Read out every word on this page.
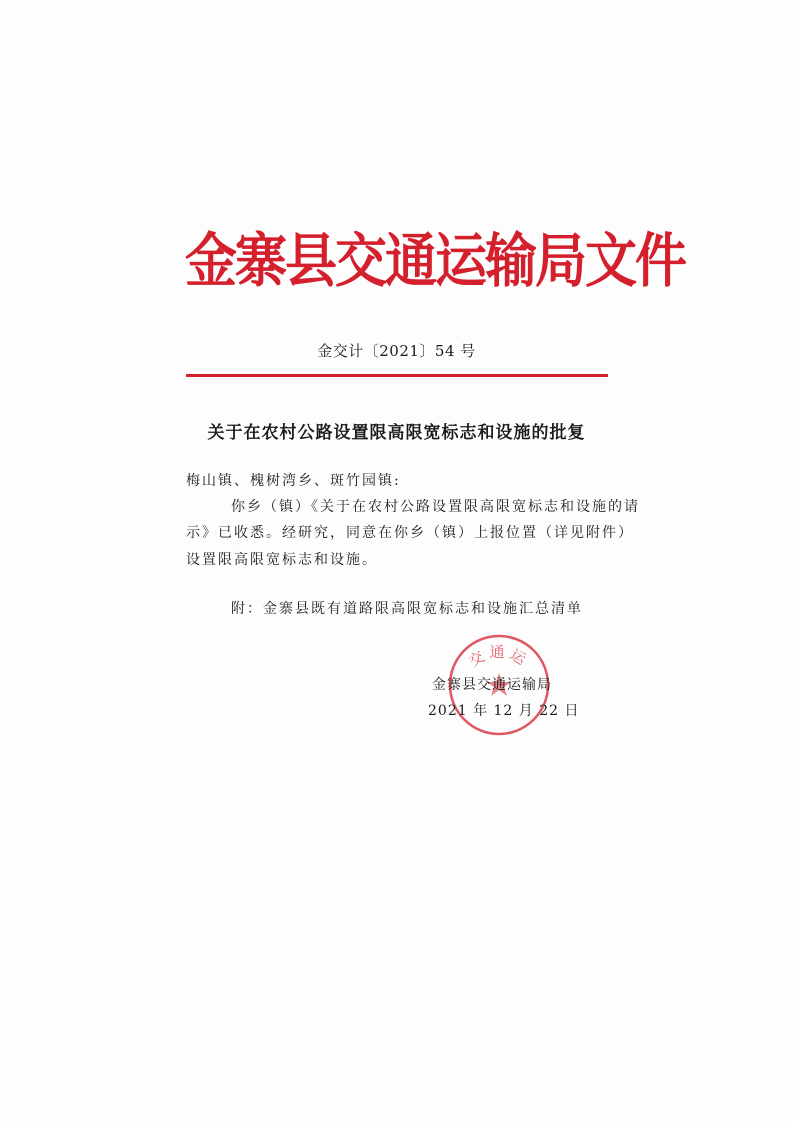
金寨县交通运输局文件
金交计〔2021〕54 号
关于在农村公路设置限高限宽标志和设施的批复
梅山镇、槐树湾乡、斑竹园镇:
你乡（镇）《关于在农村公路设置限高限宽标志和设施的请
示》已收悉。经研究，同意在你乡（镇）上报位置（详见附件）
设置限高限宽标志和设施。
附：金寨县既有道路限高限宽标志和设施汇总清单
交通运
金寨县交通运输局
2021 年 12 月 22 日
